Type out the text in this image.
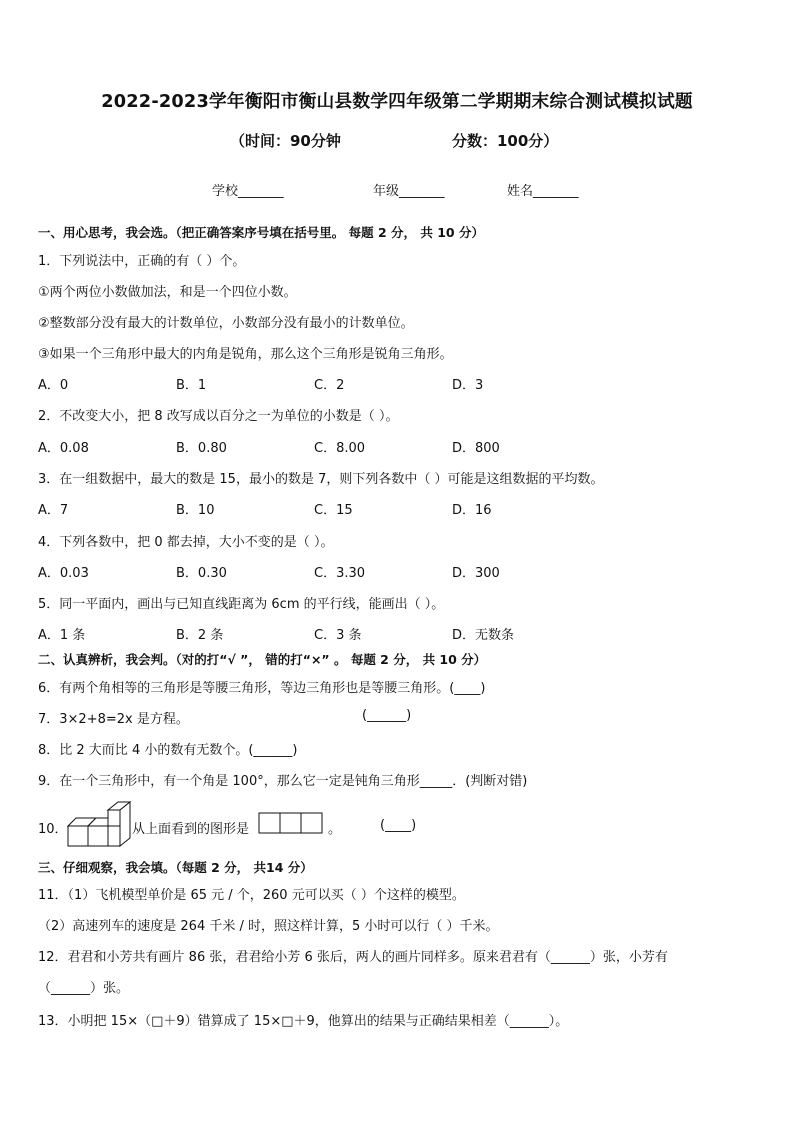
2022-2023学年衡阳市衡山县数学四年级第二学期期末综合测试模拟试题
（时间：90分钟	分数：100分）
学校_______	年级_______	姓名_______
一、用心思考，我会选。（把正确答案序号填在括号里。 每题 2 分， 共 10 分）
1．下列说法中，正确的有（ ）个。
①两个两位小数做加法，和是一个四位小数。
②整数部分没有最大的计数单位，小数部分没有最小的计数单位。
③如果一个三角形中最大的内角是锐角，那么这个三角形是锐角三角形。
A．0	B．1	C．2	D．3
2．不改变大小，把 8 改写成以百分之一为单位的小数是（ ）。
A．0.08	B．0.80	C．8.00	D．800
3．在一组数据中，最大的数是 15，最小的数是 7，则下列各数中（ ）可能是这组数据的平均数。
A．7	B．10	C．15	D．16
4．下列各数中，把 0 都去掉，大小不变的是（ ）。
A．0.03	B．0.30	C．3.30	D．300
5．同一平面内，画出与已知直线距离为 6cm 的平行线，能画出（ ）。
A．1 条	B．2 条	C．3 条	D．无数条
二、认真辨析，我会判。（对的打“√ ”， 错的打“×” 。 每题 2 分， 共 10 分）
6．有两个角相等的三角形是等腰三角形，等边三角形也是等腰三角形。(____)
7．3×2+8=2x 是方程。	(______)
8．比 2 大而比 4 小的数有无数个。(______)
9．在一个三角形中，有一个角是 100°，那么它一定是钝角三角形_____．(判断对错)
10．	从上面看到的图形是	。	(____)
三、仔细观察，我会填。（每题 2 分， 共14 分）
11．（1）飞机模型单价是 65 元 / 个，260 元可以买（ ）个这样的模型。
（2）高速列车的速度是 264 千米 / 时，照这样计算，5 小时可以行（ ）千米。
12．君君和小芳共有画片 86 张，君君给小芳 6 张后，两人的画片同样多。原来君君有（______）张，小芳有
（______）张。
13．小明把 15×（□＋9）错算成了 15×□＋9，他算出的结果与正确结果相差（______）。
